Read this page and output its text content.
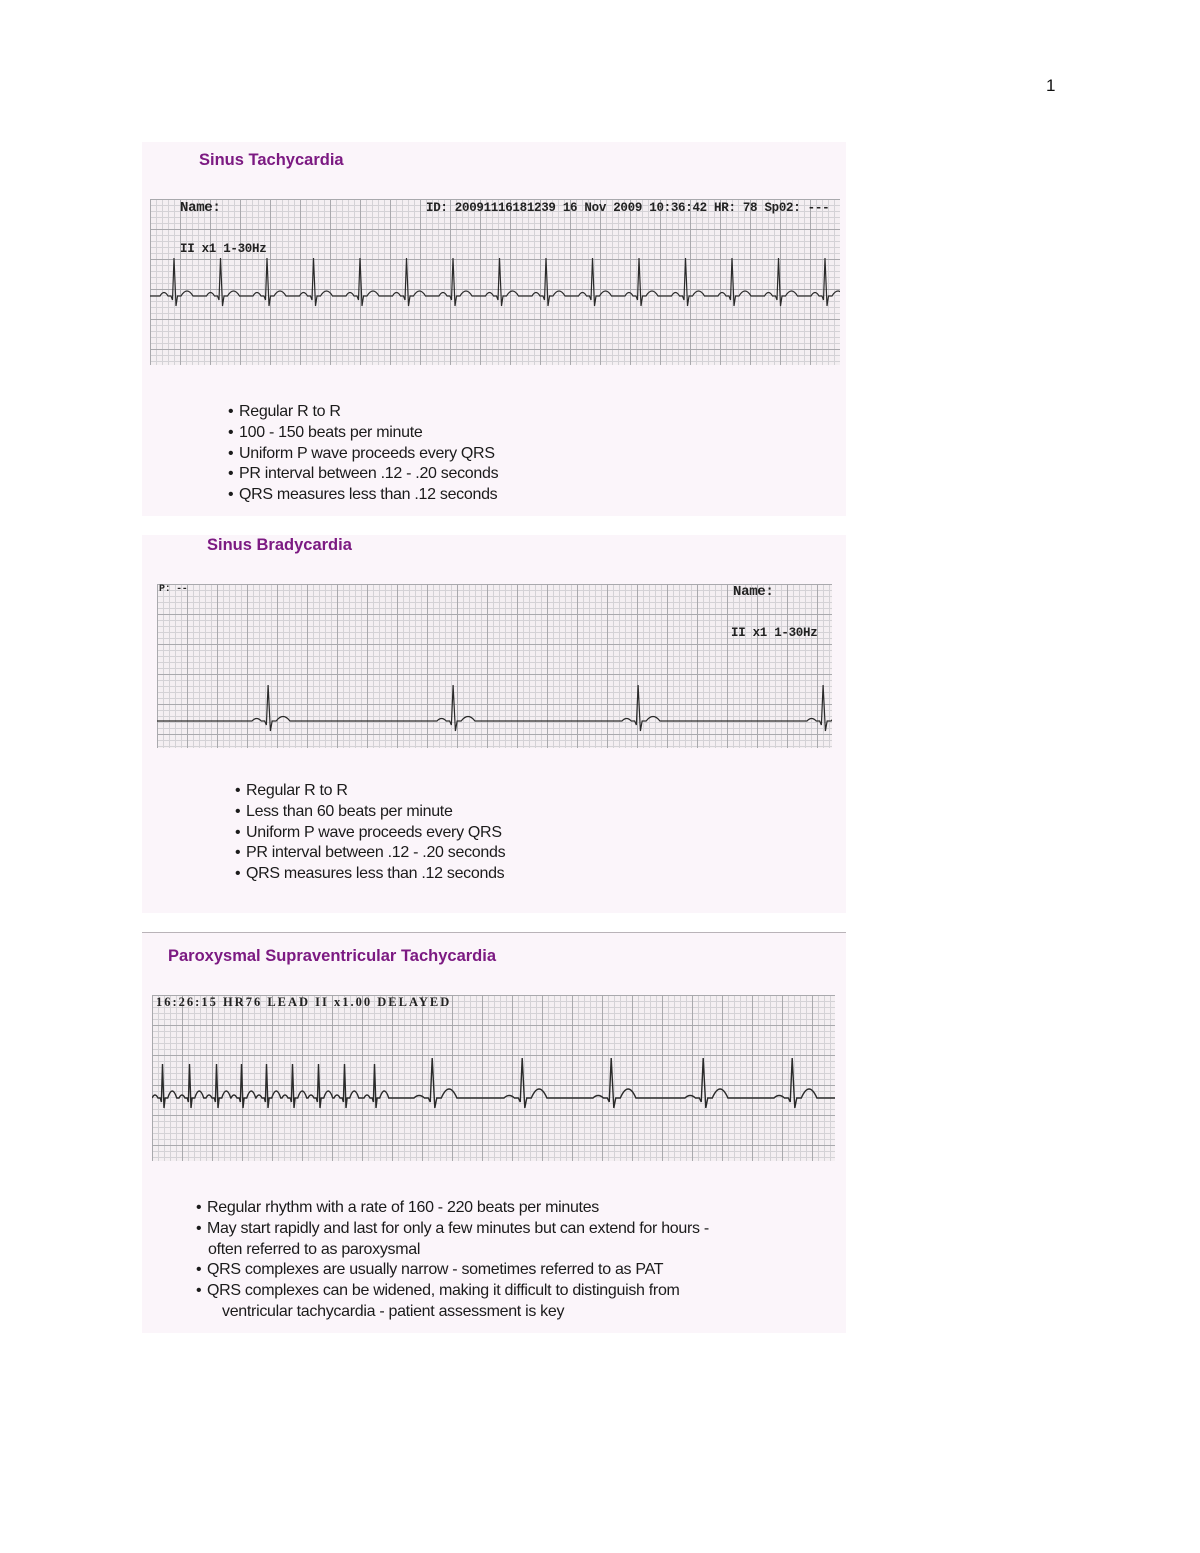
1
Sinus Tachycardia
Name:	ID: 20091116181239 16 Nov 2009 10:36:42 HR: 78 Sp02: ---
II x1 1-30Hz
• Regular R to R
• 100 - 150 beats per minute
• Uniform P wave proceeds every QRS
• PR interval between .12 - .20 seconds
• QRS measures less than .12 seconds
Sinus Bradycardia
P: --	Name:
II x1 1-30Hz
• Regular R to R
• Less than 60 beats per minute
• Uniform P wave proceeds every QRS
• PR interval between .12 - .20 seconds
• QRS measures less than .12 seconds
Paroxysmal Supraventricular Tachycardia
16:26:15 HR76 LEAD II x1.00 DELAYED
• Regular rhythm with a rate of 160 - 220 beats per minutes
• May start rapidly and last for only a few minutes but can extend for hours -
often referred to as paroxysmal
• QRS complexes are usually narrow - sometimes referred to as PAT
• QRS complexes can be widened, making it difficult to distinguish from
ventricular tachycardia - patient assessment is key
